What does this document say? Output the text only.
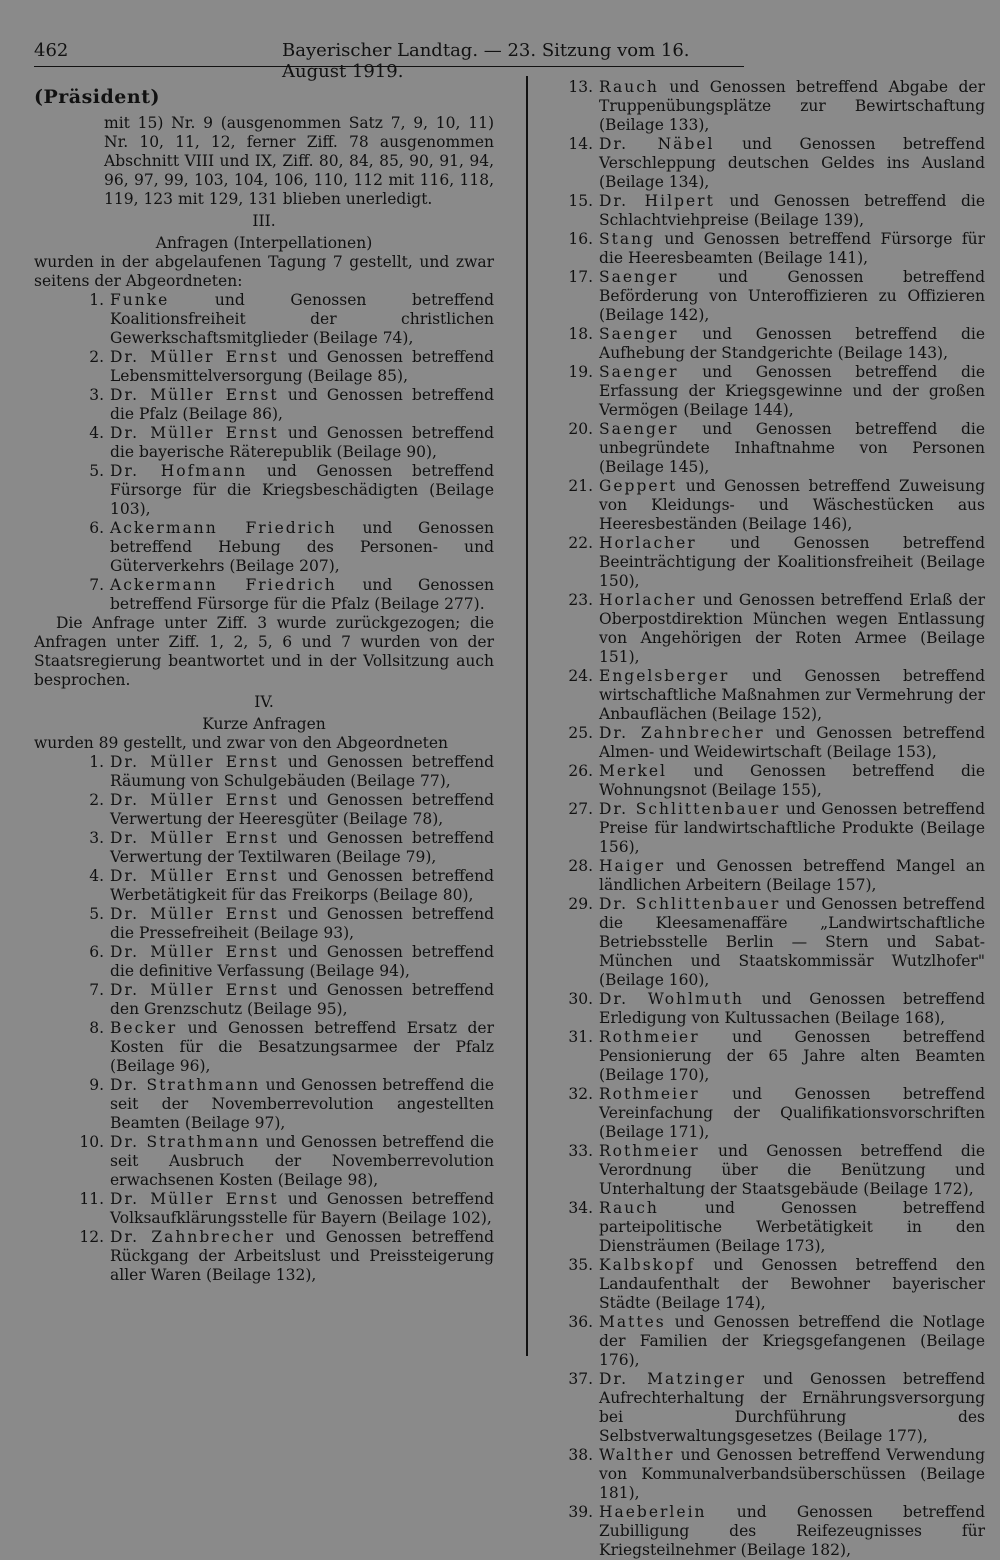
462	Bayerischer Landtag. — 23. Sitzung vom 16. August 1919.
(Präsident)

mit 15) Nr. 9 (ausgenommen Satz 7, 9, 10, 11) Nr. 10, 11, 12, ferner Ziff. 78 ausgenommen Abschnitt VIII und IX, Ziff. 80, 84, 85, 90, 91, 94, 96, 97, 99, 103, 104, 106, 110, 112 mit 116, 118, 119, 123 mit 129, 131 blieben unerledigt.

III.
Anfragen (Interpellationen)

wurden in der abgelaufenen Tagung 7 gestellt, und zwar seitens der Abgeordneten:

1. Funke	und Genossen betreffend Koalitionsfreiheit der christlichen Gewerkschaftsmitglieder (Beilage 74),
2. Dr. Müller Ernst und Genossen betreffend Lebensmittelversorgung (Beilage 85),
3. Dr. Müller Ernst und Genossen betreffend die Pfalz (Beilage 86),
4. Dr. Müller Ernst und Genossen betreffend die bayerische Räterepublik (Beilage 90),
5. Dr. Hofmann und Genossen betreffend Fürsorge für die Kriegsbeschädigten (Beilage 103),
6. Ackermann Friedrich und Genossen betreffend Hebung des Personen- und Güterverkehrs (Beilage 207),
7. Ackermann Friedrich und Genossen betreffend Fürsorge für die Pfalz (Beilage 277).

Die Anfrage unter Ziff. 3 wurde zurückgezogen; die Anfragen unter Ziff. 1, 2, 5, 6 und 7 wurden von der Staatsregierung beantwortet und in der Vollsitzung auch besprochen.

IV.
Kurze Anfragen

wurden 89 gestellt, und zwar von den Abgeordneten

1. Dr. Müller Ernst und Genossen betreffend Räumung von Schulgebäuden (Beilage 77),
2. Dr. Müller Ernst und Genossen betreffend Verwertung der Heeresgüter (Beilage 78),
3. Dr. Müller Ernst und Genossen betreffend Verwertung der Textilwaren (Beilage 79),
4. Dr. Müller Ernst und Genossen betreffend Werbetätigkeit für das Freikorps (Beilage 80),
5. Dr. Müller Ernst und Genossen betreffend die Pressefreiheit (Beilage 93),
6. Dr. Müller Ernst und Genossen betreffend die definitive Verfassung (Beilage 94),
7. Dr. Müller Ernst und Genossen betreffend den Grenzschutz (Beilage 95),
8. Becker und Genossen betreffend Ersatz der Kosten für die Besatzungsarmee der Pfalz (Beilage 96),
9. Dr. Strathmann und Genossen betreffend die seit der Novemberrevolution angestellten Beamten (Beilage 97),
10. Dr. Strathmann und Genossen betreffend die seit Ausbruch der Novemberrevolution erwachsenen Kosten (Beilage 98),
11. Dr. Müller Ernst und Genossen betreffend Volksaufklärungsstelle für Bayern (Beilage 102),
12. Dr. Zahnbrecher und Genossen betreffend Rückgang der Arbeitslust und Preissteigerung aller Waren (Beilage 132),
13. Rauch und Genossen betreffend Abgabe der Truppenübungsplätze zur Bewirtschaftung (Beilage 133),
14. Dr. Näbel und Genossen betreffend Verschleppung deutschen Geldes ins Ausland (Beilage 134),
15. Dr. Hilpert und Genossen betreffend die Schlachtviehpreise (Beilage 139),
16. Stang und Genossen betreffend Fürsorge für die Heeresbeamten (Beilage 141),
17. Saenger	und Genossen betreffend Beförderung von Unteroffizieren zu Offizieren (Beilage 142),
18. Saenger und Genossen betreffend die Aufhebung der Standgerichte (Beilage 143),
19. Saenger und Genossen betreffend die Erfassung der Kriegsgewinne und der großen Vermögen (Beilage 144),
20. Saenger und Genossen betreffend die unbegründete Inhaftnahme von Personen (Beilage 145),
21. Geppert und Genossen betreffend Zuweisung von Kleidungs- und Wäschestücken aus Heeresbeständen (Beilage 146),
22. Horlacher und Genossen betreffend Beeinträchtigung der Koalitionsfreiheit (Beilage 150),
23. Horlacher und Genossen betreffend Erlaß der Oberpostdirektion München wegen Entlassung von Angehörigen der Roten Armee (Beilage 151),
24. Engelsberger und Genossen betreffend wirtschaftliche Maßnahmen zur Vermehrung der Anbauflächen (Beilage 152),
25. Dr. Zahnbrecher und Genossen betreffend Almen- und Weidewirtschaft (Beilage 153),
26. Merkel und Genossen betreffend die Wohnungsnot (Beilage 155),
27. Dr. Schlittenbauer und Genossen betreffend Preise für landwirtschaftliche Produkte (Beilage 156),
28. Haiger und Genossen betreffend Mangel an ländlichen Arbeitern (Beilage 157),
29. Dr. Schlittenbauer und Genossen betreffend die Kleesamenaffäre „Landwirtschaftliche Betriebsstelle Berlin — Stern und Sabat-München und Staatskommissär Wutzlhofer" (Beilage 160),
30. Dr. Wohlmuth und Genossen betreffend Erledigung von Kultussachen (Beilage 168),
31. Rothmeier und Genossen betreffend Pensionierung der 65 Jahre alten Beamten (Beilage 170),
32. Rothmeier und Genossen betreffend Vereinfachung der Qualifikationsvorschriften (Beilage 171),
33. Rothmeier und Genossen betreffend die Verordnung über die Benützung und Unterhaltung der Staatsgebäude (Beilage 172),
34. Rauch	und Genossen betreffend parteipolitische Werbetätigkeit in den Diensträumen (Beilage 173),
35. Kalbskopf und Genossen betreffend den Landaufenthalt der Bewohner bayerischer Städte (Beilage 174),
36. Mattes und Genossen betreffend die Notlage der Familien der Kriegsgefangenen (Beilage 176),
37. Dr. Matzinger und Genossen betreffend Aufrechterhaltung der Ernährungsversorgung bei Durchführung des Selbstverwaltungsgesetzes (Beilage 177),
38. Walther und Genossen betreffend Verwendung von Kommunalverbandsüberschüssen (Beilage 181),
39. Haeberlein und Genossen betreffend Zubilligung des Reifezeugnisses für Kriegsteilnehmer (Beilage 182),
